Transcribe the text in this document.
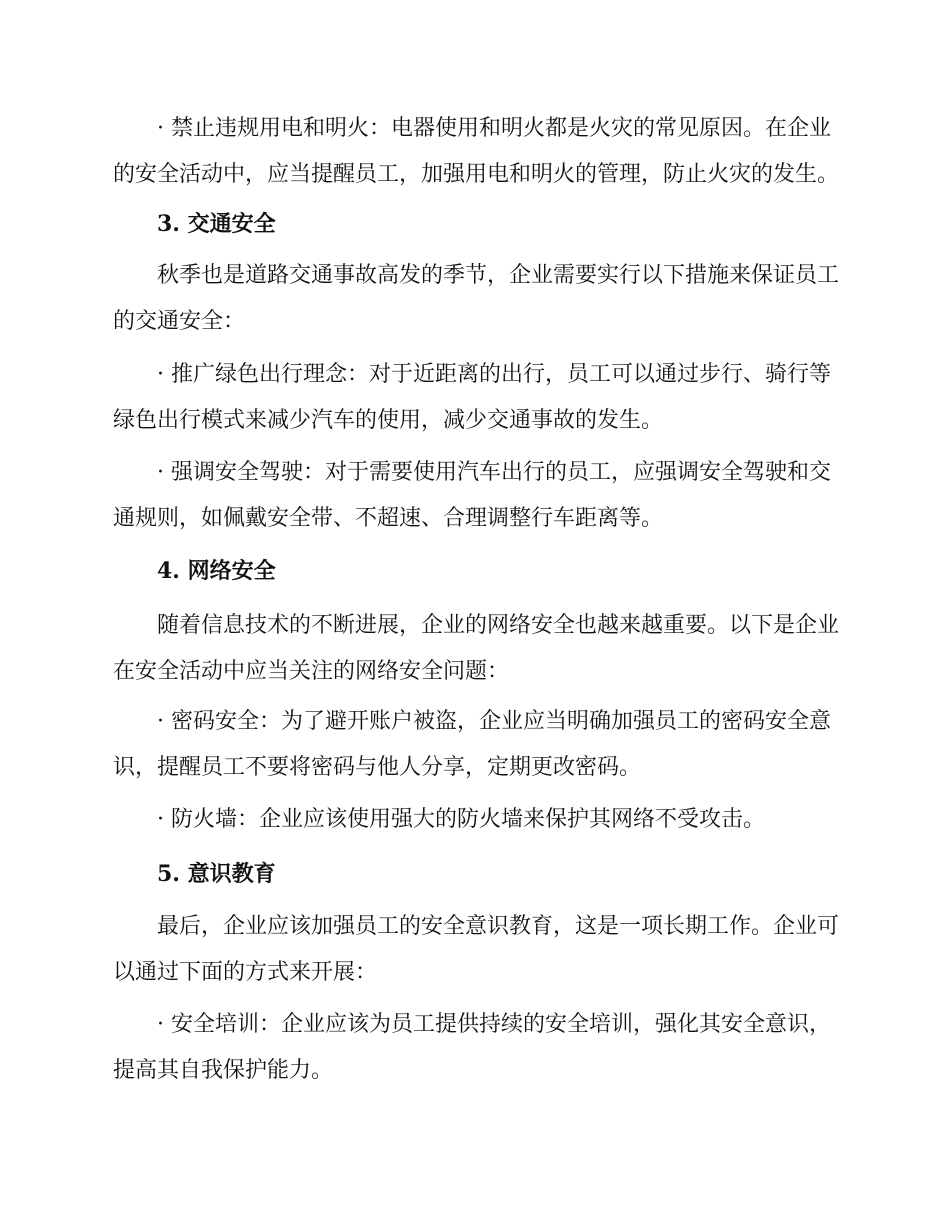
· 禁止违规用电和明火：电器使用和明火都是火灾的常见原因。在企业
的安全活动中，应当提醒员工，加强用电和明火的管理，防止火灾的发生。
3. 交通安全
秋季也是道路交通事故高发的季节，企业需要实行以下措施来保证员工
的交通安全：
· 推广绿色出行理念：对于近距离的出行，员工可以通过步行、骑行等
绿色出行模式来减少汽车的使用，减少交通事故的发生。
· 强调安全驾驶：对于需要使用汽车出行的员工，应强调安全驾驶和交
通规则，如佩戴安全带、不超速、合理调整行车距离等。
4. 网络安全
随着信息技术的不断进展，企业的网络安全也越来越重要。以下是企业
在安全活动中应当关注的网络安全问题：
· 密码安全：为了避开账户被盗，企业应当明确加强员工的密码安全意
识，提醒员工不要将密码与他人分享，定期更改密码。
· 防火墙：企业应该使用强大的防火墙来保护其网络不受攻击。
5. 意识教育
最后，企业应该加强员工的安全意识教育，这是一项长期工作。企业可
以通过下面的方式来开展：
· 安全培训：企业应该为员工提供持续的安全培训，强化其安全意识，
提高其自我保护能力。
